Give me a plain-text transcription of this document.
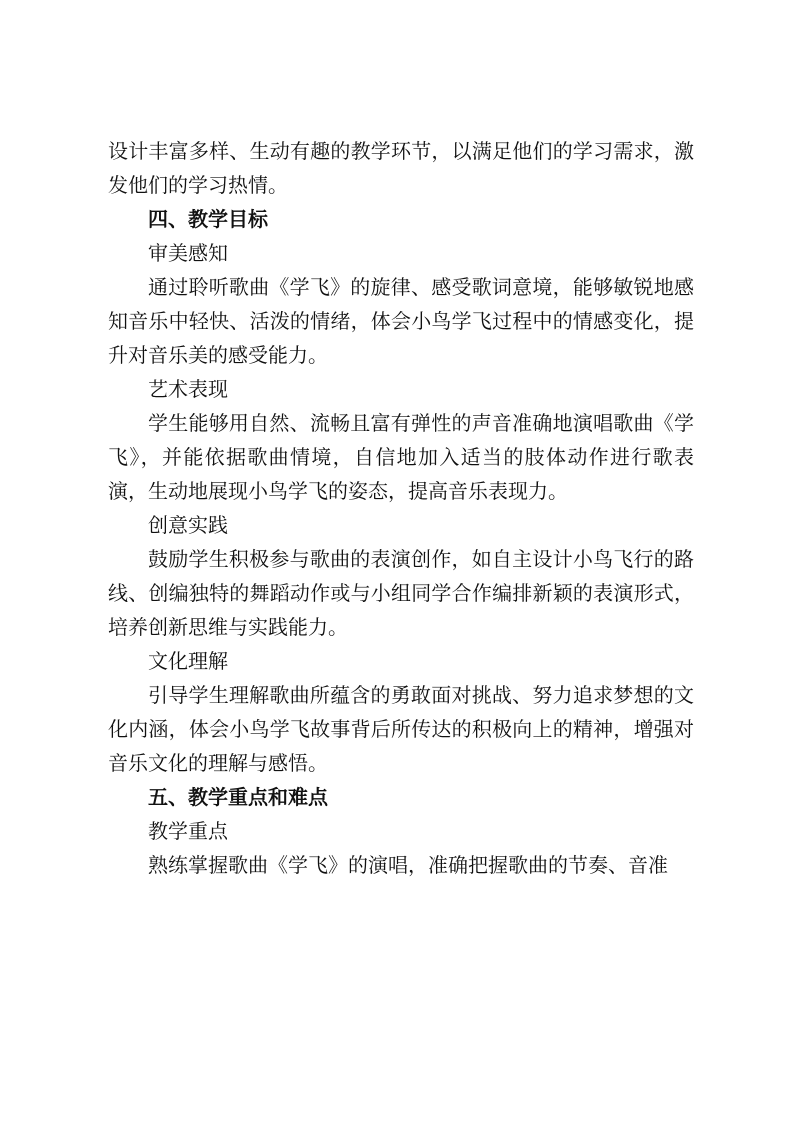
设计丰富多样、生动有趣的教学环节，以满足他们的学习需求，激发他们的学习热情。

四、教学目标

审美感知

通过聆听歌曲《学飞》的旋律、感受歌词意境，能够敏锐地感知音乐中轻快、活泼的情绪，体会小鸟学飞过程中的情感变化，提升对音乐美的感受能力。

艺术表现

学生能够用自然、流畅且富有弹性的声音准确地演唱歌曲《学飞》，并能依据歌曲情境，自信地加入适当的肢体动作进行歌表演，生动地展现小鸟学飞的姿态，提高音乐表现力。

创意实践

鼓励学生积极参与歌曲的表演创作，如自主设计小鸟飞行的路线、创编独特的舞蹈动作或与小组同学合作编排新颖的表演形式，培养创新思维与实践能力。

文化理解

引导学生理解歌曲所蕴含的勇敢面对挑战、努力追求梦想的文化内涵，体会小鸟学飞故事背后所传达的积极向上的精神，增强对音乐文化的理解与感悟。

五、教学重点和难点

教学重点

熟练掌握歌曲《学飞》的演唱，准确把握歌曲的节奏、音准
